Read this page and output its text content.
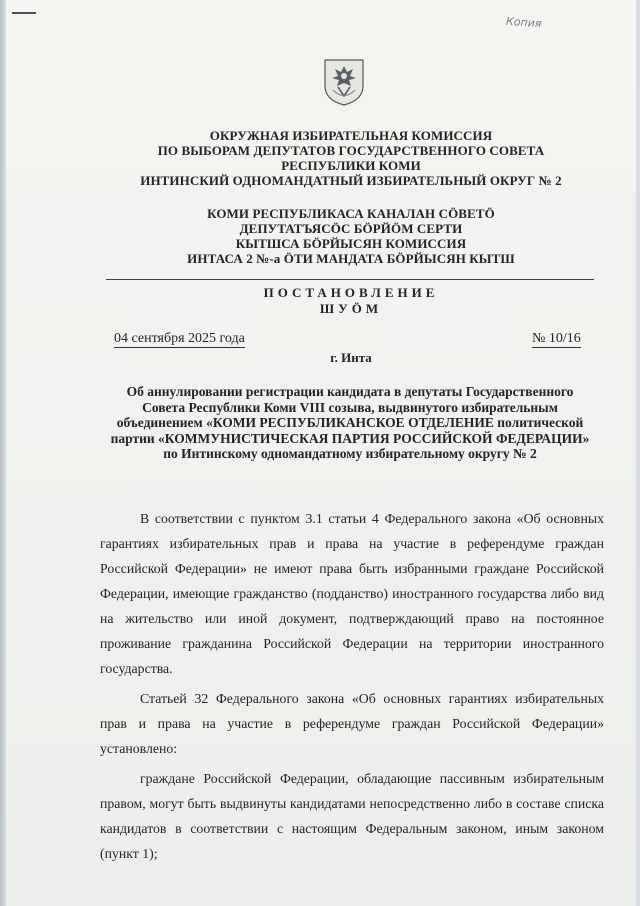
Копия
ОКРУЖНАЯ ИЗБИРАТЕЛЬНАЯ КОМИССИЯ
ПО ВЫБОРАМ ДЕПУТАТОВ ГОСУДАРСТВЕННОГО СОВЕТА
РЕСПУБЛИКИ КОМИ
ИНТИНСКИЙ ОДНОМАНДАТНЫЙ ИЗБИРАТЕЛЬНЫЙ ОКРУГ № 2
КОМИ РЕСПУБЛИКАСА КАНАЛАН СÖВЕТÖ
ДЕПУТАТЪЯСÖС БÖРЙÖМ СЕРТИ
КЫТШСА БÖРЙЫСЯН КОМИССИЯ
ИНТАСА 2 №-а ÖТИ МАНДАТА БÖРЙЫСЯН КЫТШ
ПОСТАНОВЛЕНИЕ
ШУÖМ
04 сентября 2025 года	№ 10/16
г. Инта
Об аннулировании регистрации кандидата в депутаты Государственного Совета Республики Коми VIII созыва, выдвинутого избирательным объединением «КОМИ РЕСПУБЛИКАНСКОЕ ОТДЕЛЕНИЕ политической партии «КОММУНИСТИЧЕСКАЯ ПАРТИЯ РОССИЙСКОЙ ФЕДЕРАЦИИ» по Интинскому одномандатному избирательному округу № 2

В соответствии с пунктом 3.1 статьи 4 Федерального закона «Об основных гарантиях избирательных прав и права на участие в референдуме граждан Российской Федерации» не имеют права быть избранными граждане Российской Федерации, имеющие гражданство (подданство) иностранного государства либо вид на жительство или иной документ, подтверждающий право на постоянное проживание гражданина Российской Федерации на территории иностранного государства.

Статьей 32 Федерального закона «Об основных гарантиях избирательных прав и права на участие в референдуме граждан Российской Федерации» установлено:

граждане Российской Федерации, обладающие пассивным избирательным правом, могут быть выдвинуты кандидатами непосредственно либо в составе списка кандидатов в соответствии с настоящим Федеральным законом, иным законом (пункт 1);
